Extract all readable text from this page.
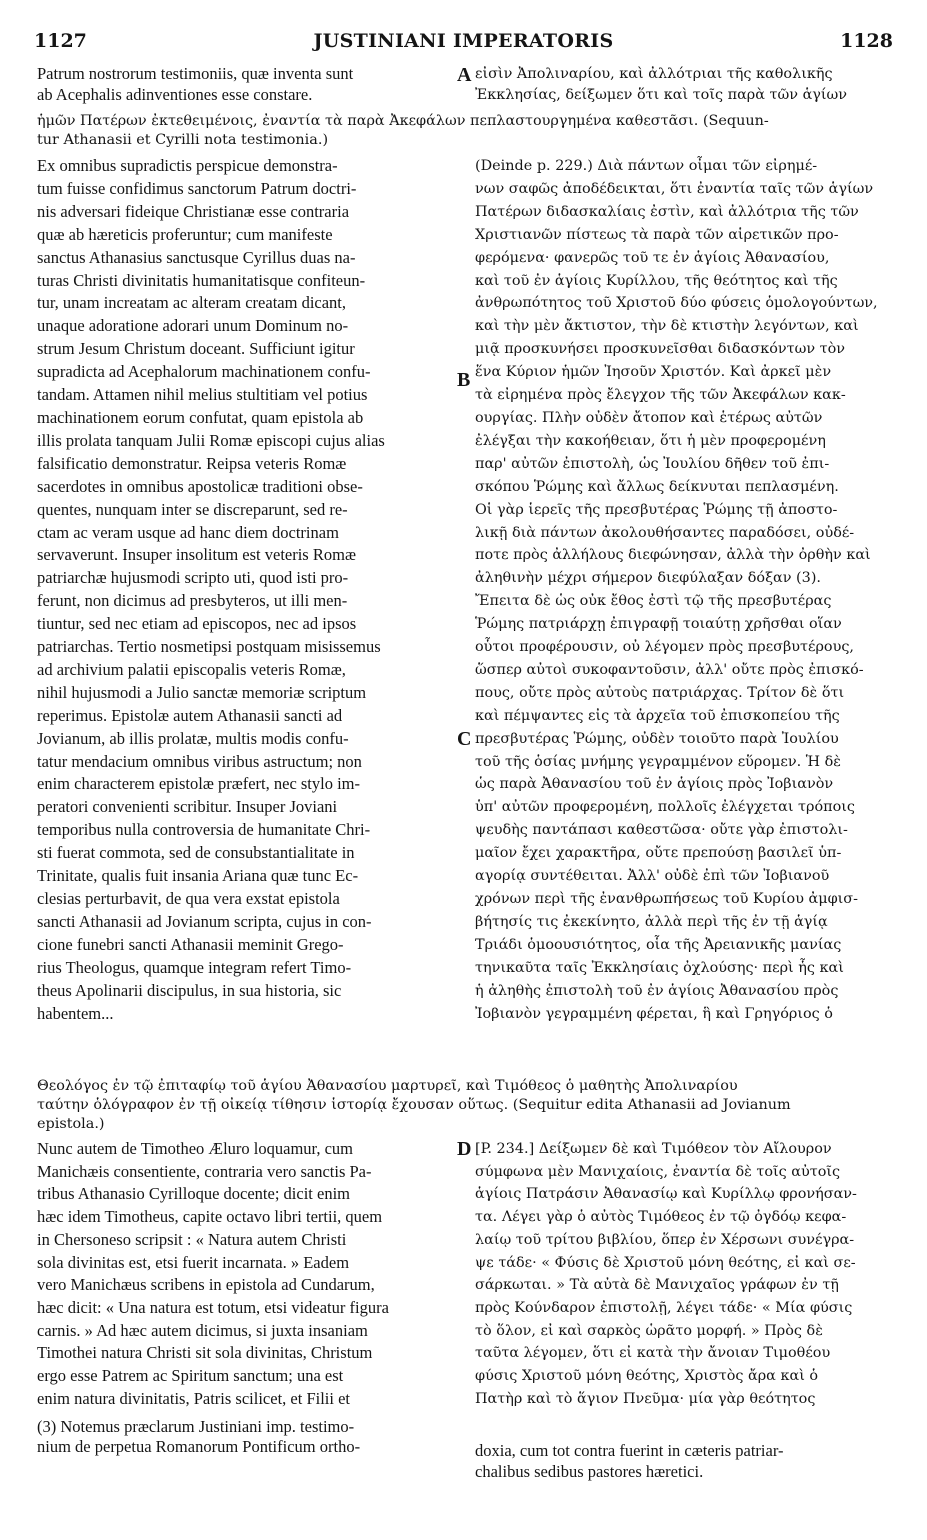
1127	JUSTINIANI IMPERATORIS	1128
Patrum nostrorum testimoniis, quæ inventa sunt
ab Acephalis adinventiones esse constare.
εἰσὶν Ἀπολιναρίου, καὶ ἀλλότριαι τῆς καθολικῆς
Ἐκκλησίας, δείξωμεν ὅτι καὶ τοῖς παρὰ τῶν ἁγίων
ἡμῶν Πατέρων ἐκτεθειμένοις, ἐναντία τὰ παρὰ Ἀκεφάλων πεπλαστουργημένα καθεστᾶσι. (Sequun-
tur Athanasii et Cyrilli nota testimonia.)
Ex omnibus supradictis perspicue demonstra-
tum fuisse confidimus sanctorum Patrum doctri-
nis adversari fideique Christianæ esse contraria
quæ ab hæreticis proferuntur; cum manifeste
sanctus Athanasius sanctusque Cyrillus duas na-
turas Christi divinitatis humanitatisque confiteun-
tur, unam increatam ac alteram creatam dicant,
unaque adoratione adorari unum Dominum no-
strum Jesum Christum doceant. Sufficiunt igitur
supradicta ad Acephalorum machinationem confu-
tandam. Attamen nihil melius stultitiam vel potius
machinationem eorum confutat, quam epistola ab
illis prolata tanquam Julii Romæ episcopi cujus alias
falsificatio demonstratur. Reipsa veteris Romæ
sacerdotes in omnibus apostolicæ traditioni obse-
quentes, nunquam inter se discreparunt, sed re-
ctam ac veram usque ad hanc diem doctrinam
servaverunt. Insuper insolitum est veteris Romæ
patriarchæ hujusmodi scripto uti, quod isti pro-
ferunt, non dicimus ad presbyteros, ut illi men-
tiuntur, sed nec etiam ad episcopos, nec ad ipsos
patriarchas. Tertio nosmetipsi postquam misissemus
ad archivium palatii episcopalis veteris Romæ,
nihil hujusmodi a Julio sanctæ memoriæ scriptum
reperimus. Epistolæ autem Athanasii sancti ad
Jovianum, ab illis prolatæ, multis modis confu-
tatur mendacium omnibus viribus astructum; non
enim characterem epistolæ præfert, nec stylo im-
peratori convenienti scribitur. Insuper Joviani
temporibus nulla controversia de humanitate Chri-
sti fuerat commota, sed de consubstantialitate in
Trinitate, qualis fuit insania Ariana quæ tunc Ec-
clesias perturbavit, de qua vera exstat epistola
sancti Athanasii ad Jovianum scripta, cujus in con-
cione funebri sancti Athanasii meminit Grego-
rius Theologus, quamque integram refert Timo-
theus Apolinarii discipulus, in sua historia, sic
habentem...
(Deinde p. 229.) Διὰ πάντων οἶμαι τῶν εἰρημέ-
νων σαφῶς ἀποδέδεικται, ὅτι ἐναντία ταῖς τῶν ἁγίων
Πατέρων διδασκαλίαις ἐστὶν, καὶ ἀλλότρια τῆς τῶν
Χριστιανῶν πίστεως τὰ παρὰ τῶν αἱρετικῶν προ-
φερόμενα· φανερῶς τοῦ τε ἐν ἁγίοις Ἀθανασίου,
καὶ τοῦ ἐν ἁγίοις Κυρίλλου, τῆς θεότητος καὶ τῆς
ἀνθρωπότητος τοῦ Χριστοῦ δύο φύσεις ὁμολογούντων,
καὶ τὴν μὲν ἄκτιστον, τὴν δὲ κτιστὴν λεγόντων, καὶ
μιᾷ προσκυνήσει προσκυνεῖσθαι διδασκόντων τὸν
ἕνα Κύριον ἡμῶν Ἰησοῦν Χριστόν. Καὶ ἀρκεῖ μὲν
τὰ εἰρημένα πρὸς ἔλεγχον τῆς τῶν Ἀκεφάλων κακ-
ουργίας. Πλὴν οὐδὲν ἄτοπον καὶ ἑτέρως αὐτῶν
ἐλέγξαι τὴν κακοήθειαν, ὅτι ἡ μὲν προφερομένη
παρ' αὐτῶν ἐπιστολὴ, ὡς Ἰουλίου δῆθεν τοῦ ἐπι-
σκόπου Ῥώμης καὶ ἄλλως δείκνυται πεπλασμένη.
Οἱ γὰρ ἱερεῖς τῆς πρεσβυτέρας Ῥώμης τῇ ἀποστο-
λικῇ διὰ πάντων ἀκολουθήσαντες παραδόσει, οὐδέ-
ποτε πρὸς ἀλλήλους διεφώνησαν, ἀλλὰ τὴν ὀρθὴν καὶ
ἀληθινὴν μέχρι σήμερον διεφύλαξαν δόξαν (3).
Ἔπειτα δὲ ὡς οὐκ ἔθος ἐστὶ τῷ τῆς πρεσβυτέρας
Ῥώμης πατριάρχῃ ἐπιγραφῇ τοιαύτῃ χρῆσθαι οἵαν
οὗτοι προφέρουσιν, οὐ λέγομεν πρὸς πρεσβυτέρους,
ὥσπερ αὐτοὶ συκοφαντοῦσιν, ἀλλ' οὔτε πρὸς ἐπισκό-
πους, οὔτε πρὸς αὐτοὺς πατριάρχας. Τρίτον δὲ ὅτι
καὶ πέμψαντες εἰς τὰ ἀρχεῖα τοῦ ἐπισκοπείου τῆς
πρεσβυτέρας Ῥώμης, οὐδὲν τοιοῦτο παρὰ Ἰουλίου
τοῦ τῆς ὁσίας μνήμης γεγραμμένον εὕρομεν. Ἡ δὲ
ὡς παρὰ Ἀθανασίου τοῦ ἐν ἁγίοις πρὸς Ἰοβιανὸν
ὑπ' αὐτῶν προφερομένη, πολλοῖς ἐλέγχεται τρόποις
ψευδὴς παντάπασι καθεστῶσα· οὔτε γὰρ ἐπιστολι-
μαῖον ἔχει χαρακτῆρα, οὔτε πρεπούσῃ βασιλεῖ ὑπ-
αγορίᾳ συντέθειται. Ἀλλ' οὐδὲ ἐπὶ τῶν Ἰοβιανοῦ
χρόνων περὶ τῆς ἐνανθρωπήσεως τοῦ Κυρίου ἀμφισ-
βήτησίς τις ἐκεκίνητο, ἀλλὰ περὶ τῆς ἐν τῇ ἁγίᾳ
Τριάδι ὁμοουσιότητος, οἷα τῆς Ἀρειανικῆς μανίας
τηνικαῦτα ταῖς Ἐκκλησίαις ὀχλούσης· περὶ ἧς καὶ
ἡ ἀληθὴς ἐπιστολὴ τοῦ ἐν ἁγίοις Ἀθανασίου πρὸς
Ἰοβιανὸν γεγραμμένη φέρεται, ἣ καὶ Γρηγόριος ὁ
Θεολόγος ἐν τῷ ἐπιταφίῳ τοῦ ἁγίου Ἀθανασίου μαρτυρεῖ, καὶ Τιμόθεος ὁ μαθητὴς Ἀπολιναρίου
ταύτην ὁλόγραφον ἐν τῇ οἰκείᾳ τίθησιν ἱστορίᾳ ἔχουσαν οὕτως. (Sequitur edita Athanasii ad Jovianum
epistola.)
Nunc autem de Timotheo Æluro loquamur, cum
Manichæis consentiente, contraria vero sanctis Pa-
tribus Athanasio Cyrilloque docente; dicit enim
hæc idem Timotheus, capite octavo libri tertii, quem
in Chersoneso scripsit : « Natura autem Christi
sola divinitas est, etsi fuerit incarnata. » Eadem
vero Manichæus scribens in epistola ad Cundarum,
hæc dicit: « Una natura est totum, etsi videatur figura
carnis. » Ad hæc autem dicimus, si juxta insaniam
Timothei natura Christi sit sola divinitas, Christum
ergo esse Patrem ac Spiritum sanctum; una est
enim natura divinitatis, Patris scilicet, et Filii et
[P. 234.] Δείξωμεν δὲ καὶ Τιμόθεον τὸν Αἴλουρον
σύμφωνα μὲν Μανιχαίοις, ἐναντία δὲ τοῖς αὐτοῖς
ἁγίοις Πατράσιν Ἀθανασίῳ καὶ Κυρίλλῳ φρονήσαν-
τα. Λέγει γὰρ ὁ αὐτὸς Τιμόθεος ἐν τῷ ὀγδόῳ κεφα-
λαίῳ τοῦ τρίτου βιβλίου, ὅπερ ἐν Χέρσωνι συνέγρα-
ψε τάδε· « Φύσις δὲ Χριστοῦ μόνη θεότης, εἰ καὶ σε-
σάρκωται. » Τὰ αὐτὰ δὲ Μανιχαῖος γράφων ἐν τῇ
πρὸς Κούνδαρον ἐπιστολῇ, λέγει τάδε· « Μία φύσις
τὸ ὅλον, εἰ καὶ σαρκὸς ὡρᾶτο μορφή. » Πρὸς δὲ
ταῦτα λέγομεν, ὅτι εἰ κατὰ τὴν ἄνοιαν Τιμοθέου
φύσις Χριστοῦ μόνη θεότης, Χριστὸς ἄρα καὶ ὁ
Πατὴρ καὶ τὸ ἅγιον Πνεῦμα· μία γὰρ θεότητος
(3) Notemus præclarum Justiniani imp. testimo-
nium de perpetua Romanorum Pontificum ortho-	doxia, cum tot contra fuerint in cæteris patriar-
chalibus sedibus pastores hæretici.
A
B
C
D
